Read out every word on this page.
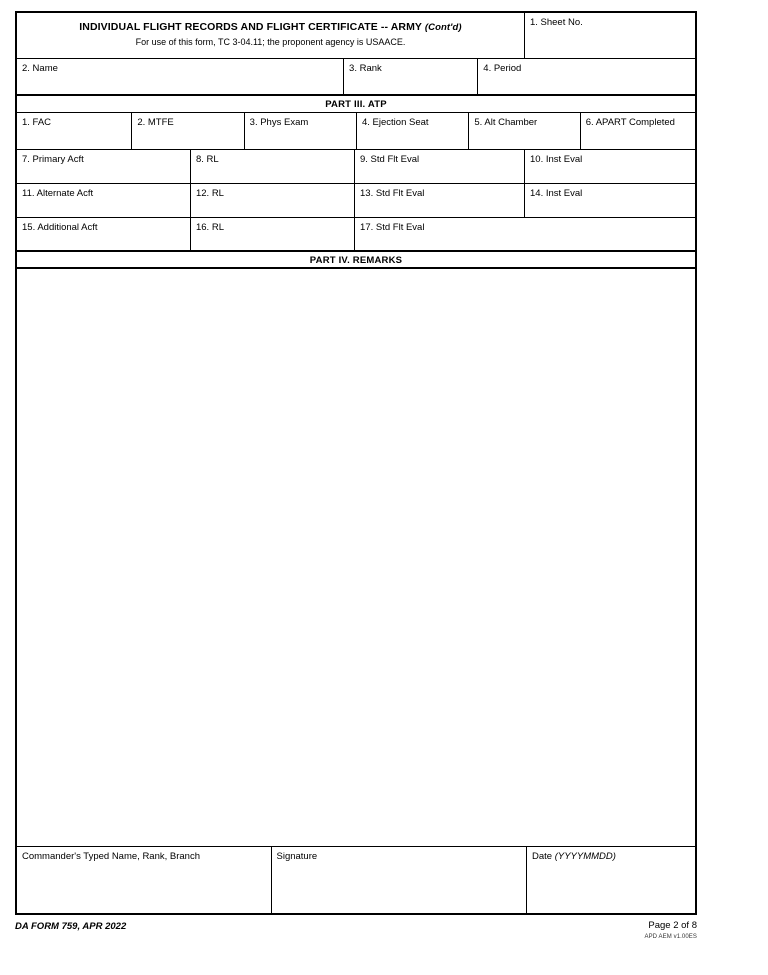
INDIVIDUAL FLIGHT RECORDS AND FLIGHT CERTIFICATE -- ARMY (Cont'd)
For use of this form, TC 3-04.11; the proponent agency is USAACE.
1. Sheet No.
2. Name	3. Rank	4. Period
PART III. ATP
1. FAC	2. MTFE	3. Phys Exam	4. Ejection Seat	5. Alt Chamber	6. APART Completed
7. Primary Acft	8. RL	9. Std Flt Eval	10. Inst Eval
11. Alternate Acft	12. RL	13. Std Flt Eval	14. Inst Eval
15. Additional Acft	16. RL	17. Std Flt Eval
PART IV. REMARKS
Commander's Typed Name, Rank, Branch	Signature	Date (YYYYMMDD)
DA FORM 759, APR 2022	Page 2 of 8
APD AEM v1.00ES
